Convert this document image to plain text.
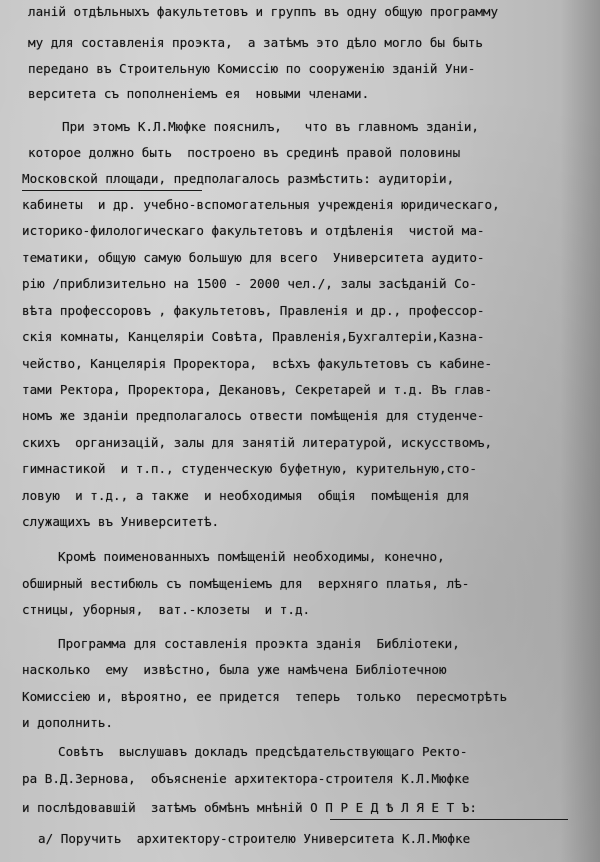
ланій отдѣльныхъ факультетовъ и группъ въ одну общую программу
му для составленія проэкта,  а затѣмъ это дѣло могло бы быть
передано въ Строительную Комиссію по сооруженію зданій Уни-
верситета съ пополненіемъ ея  новыми членами.
При этомъ К.Л.Мюфке пояснилъ,   что въ главномъ зданіи,
которое должно быть  построено въ срединѣ правой половины
Московской площади, предполагалось размѣстить: аудиторіи,
кабинеты  и др. учебно-вспомогательныя учрежденія юридическаго,
историко-филологическаго факультетовъ и отдѣленія  чистой ма-
тематики, общую самую большую для всего  Университета аудито-
рію /приблизительно на 1500 - 2000 чел./, залы засѣданій Со-
вѣта профессоровъ , факультетовъ, Правленія и др., профессор-
скія комнаты, Канцеляріи Совѣта, Правленія,Бухгалтеріи,Казна-
чейство, Канцелярія Проректора,  всѣхъ факультетовъ съ кабине-
тами Ректора, Проректора, Декановъ, Секретарей и т.д. Въ глав-
номъ же зданіи предполагалось отвести помѣщенія для студенче-
скихъ  организацій, залы для занятій литературой, искусствомъ,
гимнастикой  и т.п., студенческую буфетную, курительную,сто-
ловую  и т.д., а также  и необходимыя  общія  помѣщенія для
служащихъ въ Университетѣ.
Кромѣ поименованныхъ помѣщеній необходимы, конечно,
обширный вестибюль съ помѣщеніемъ для  верхняго платья, лѣ-
стницы, уборныя,  ват.-клозеты  и т.д.
Программа для составленія проэкта зданія  Библіотеки,
насколько  ему  извѣстно, была уже намѣчена Библіотечною
Комиссіею и, вѣроятно, ее придется  теперь  только  пересмотрѣть
и дополнить.
Совѣтъ  выслушавъ докладъ предсѣдательствующаго Ректо-
ра В.Д.Зернова,  объясненіе архитектора-строителя К.Л.Мюфке
и послѣдовавшій  затѣмъ обмѣнъ мнѣній О П Р Е Д Ѣ Л Я Е Т Ъ:
а/ Поручить  архитектору-строителю Университета К.Л.Мюфке
